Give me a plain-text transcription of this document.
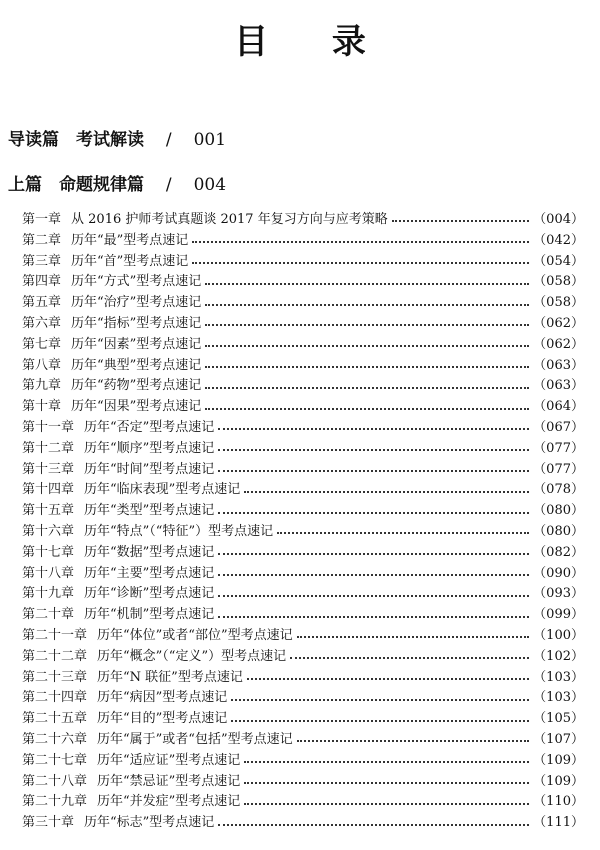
目 录
导读篇　考试解读 / 001
上篇　命题规律篇 / 004
第一章 从 2016 护师考试真题谈 2017 年复习方向与应考策略	（004）
第二章 历年“最”型考点速记	（042）
第三章 历年“首”型考点速记	（054）
第四章 历年“方式”型考点速记	（058）
第五章 历年“治疗”型考点速记	（058）
第六章 历年“指标”型考点速记	（062）
第七章 历年“因素”型考点速记	（062）
第八章 历年“典型”型考点速记	（063）
第九章 历年“药物”型考点速记	（063）
第十章 历年“因果”型考点速记	（064）
第十一章 历年“否定”型考点速记	（067）
第十二章 历年“顺序”型考点速记	（077）
第十三章 历年“时间”型考点速记	（077）
第十四章 历年“临床表现”型考点速记	（078）
第十五章 历年“类型”型考点速记	（080）
第十六章 历年“特点”（“特征”）型考点速记	（080）
第十七章 历年“数据”型考点速记	（082）
第十八章 历年“主要”型考点速记	（090）
第十九章 历年“诊断”型考点速记	（093）
第二十章 历年“机制”型考点速记	（099）
第二十一章 历年“体位”或者“部位”型考点速记	（100）
第二十二章 历年“概念”（“定义”）型考点速记	（102）
第二十三章 历年“N 联征”型考点速记	（103）
第二十四章 历年“病因”型考点速记	（103）
第二十五章 历年“目的”型考点速记	（105）
第二十六章 历年“属于”或者“包括”型考点速记	（107）
第二十七章 历年“适应证”型考点速记	（109）
第二十八章 历年“禁忌证”型考点速记	（109）
第二十九章 历年“并发症”型考点速记	（110）
第三十章 历年“标志”型考点速记	（111）
